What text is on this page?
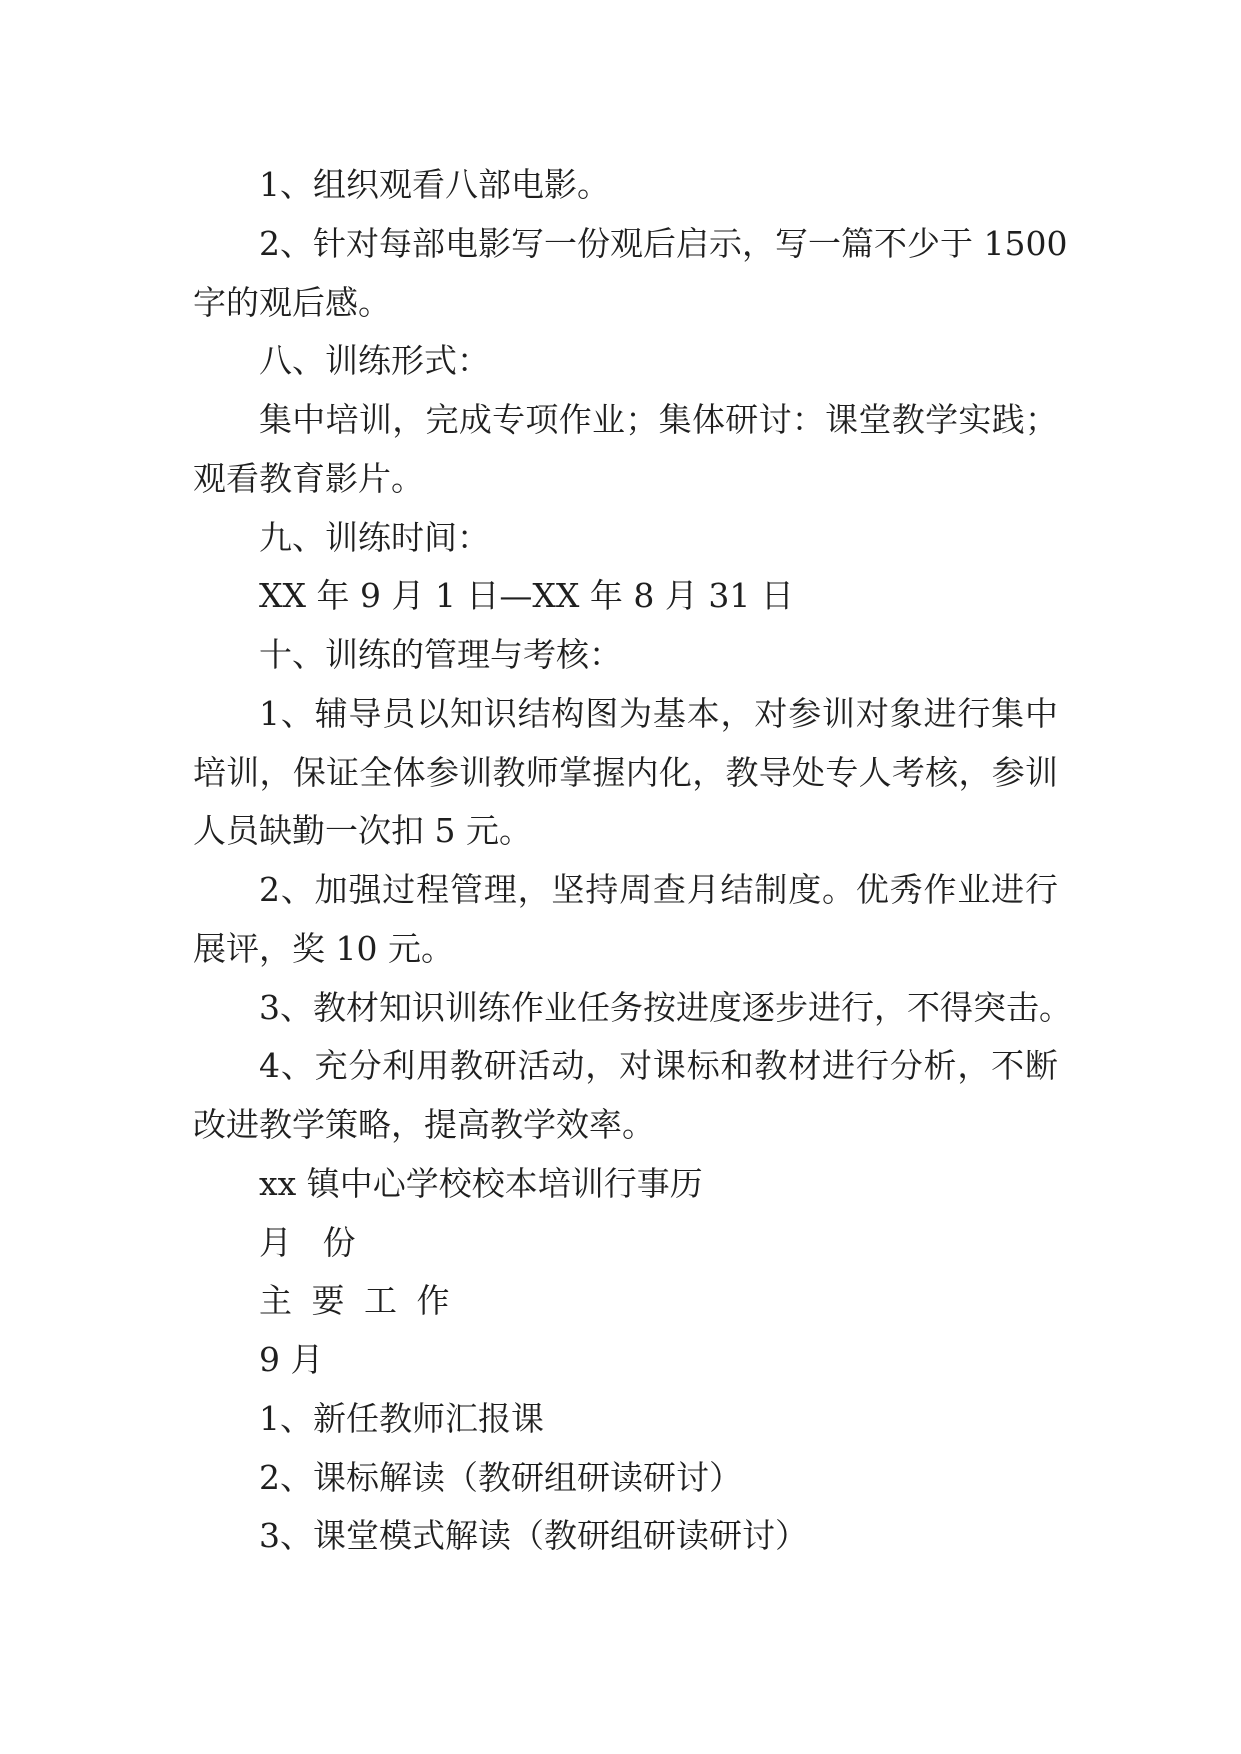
1、组织观看八部电影。
2、针对每部电影写一份观后启示，写一篇不少于 1500
字的观后感。
八、训练形式：
集中培训，完成专项作业；集体研讨：课堂教学实践；
观看教育影片。
九、训练时间：
XX 年 9 月 1 日—XX 年 8 月 31 日
十、训练的管理与考核：
1、辅导员以知识结构图为基本，对参训对象进行集中
培训，保证全体参训教师掌握内化，教导处专人考核，参训
人员缺勤一次扣 5 元。
2、加强过程管理，坚持周查月结制度。优秀作业进行
展评，奖 10 元。
3、教材知识训练作业任务按进度逐步进行，不得突击。
4、充分利用教研活动，对课标和教材进行分析，不断
改进教学策略，提高教学效率。
xx 镇中心学校校本培训行事历
月 份
主 要 工 作
9 月
1、新任教师汇报课
2、课标解读（教研组研读研讨）
3、课堂模式解读（教研组研读研讨）
